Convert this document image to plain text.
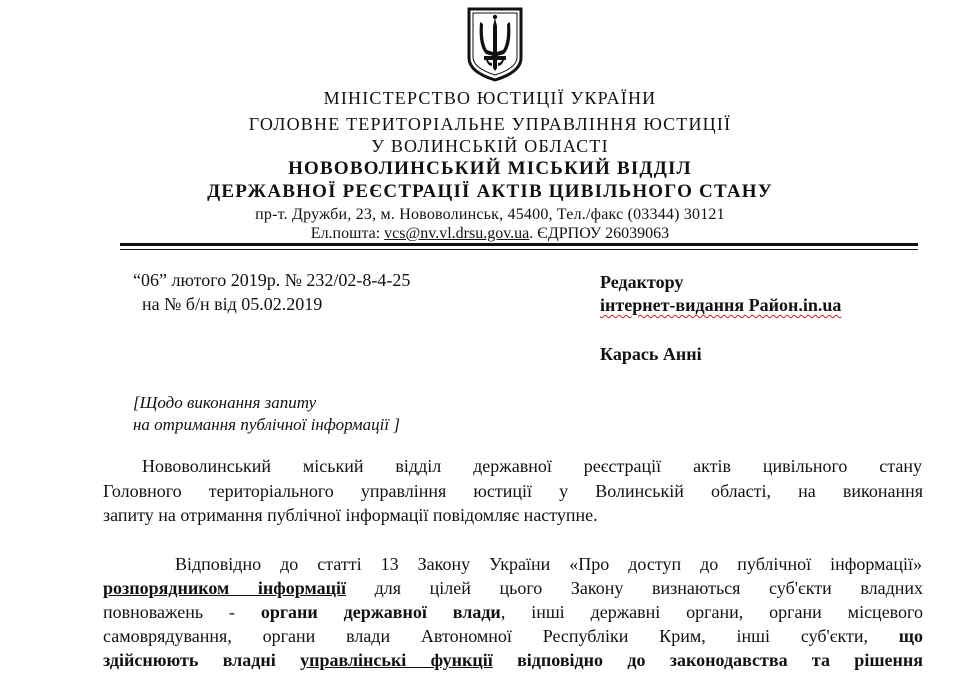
МІНІСТЕРСТВО ЮСТИЦІЇ УКРАЇНИ
ГОЛОВНЕ ТЕРИТОРІАЛЬНЕ УПРАВЛІННЯ ЮСТИЦІЇ
У ВОЛИНСЬКІЙ ОБЛАСТІ
НОВОВОЛИНСЬКИЙ МІСЬКИЙ ВІДДІЛ
ДЕРЖАВНОЇ РЕЄСТРАЦІЇ АКТІВ ЦИВІЛЬНОГО СТАНУ
пр-т. Дружби, 23, м. Нововолинськ, 45400, Тел./факс (03344) 30121
Ел.пошта: vcs@nv.vl.drsu.gov.ua. ЄДРПОУ 26039063
“06” лютого 2019р. № 232/02-8-4-25
на № б/н від 05.02.2019
Редактору
інтернет-видання Район.in.ua
Карась Анні
[Щодо виконання запиту
на отримання публічної інформації ]
Нововолинський міський відділ державної реєстрації актів цивільного стану
Головного територіального управління юстиції у Волинській області, на виконання
запиту на отримання публічної інформації повідомляє наступне.
Відповідно до статті 13 Закону України «Про доступ до публічної інформації»
розпорядником інформації для цілей цього Закону визнаються суб'єкти владних
повноважень - органи державної влади, інші державні органи, органи місцевого
самоврядування, органи влади Автономної Республіки Крим, інші суб'єкти, що
здійснюють владні управлінські функції відповідно до законодавства та рішення
